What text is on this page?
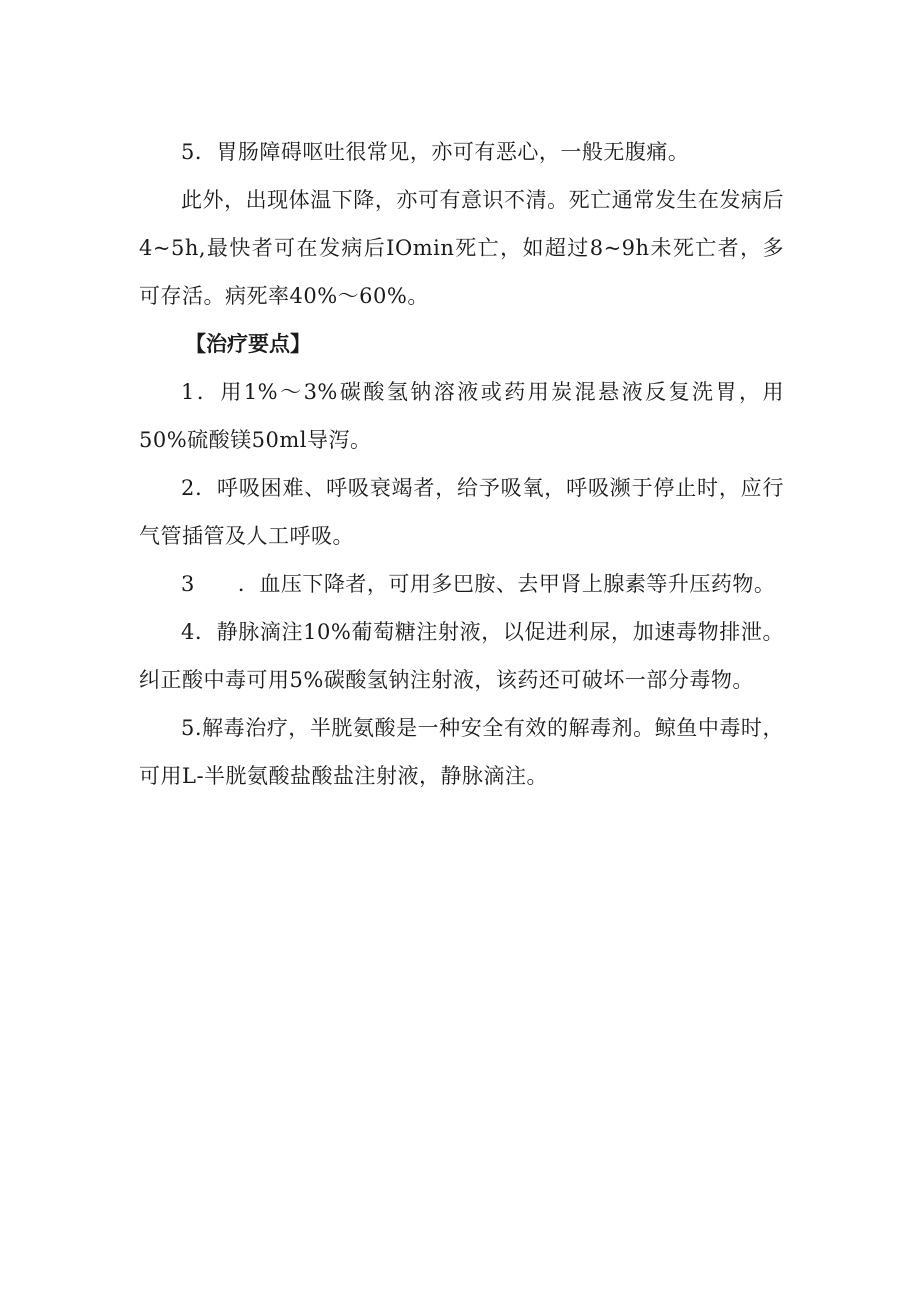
5．胃肠障碍呕吐很常见，亦可有恶心，一般无腹痛。

此外，出现体温下降，亦可有意识不清。死亡通常发生在发病后4~5h,最快者可在发病后IOmin死亡，如超过8~9h未死亡者，多可存活。病死率40%～60%。

【治疗要点】

1．用1%～3%碳酸氢钠溶液或药用炭混悬液反复洗胃，用50%硫酸镁50ml导泻。

2．呼吸困难、呼吸衰竭者，给予吸氧，呼吸濒于停止时，应行气管插管及人工呼吸。

3　　．血压下降者，可用多巴胺、去甲肾上腺素等升压药物。

4．静脉滴注10%葡萄糖注射液，以促进利尿，加速毒物排泄。纠正酸中毒可用5%碳酸氢钠注射液，该药还可破坏一部分毒物。

5.解毒治疗，半胱氨酸是一种安全有效的解毒剂。鲸鱼中毒时，可用L-半胱氨酸盐酸盐注射液，静脉滴注。
